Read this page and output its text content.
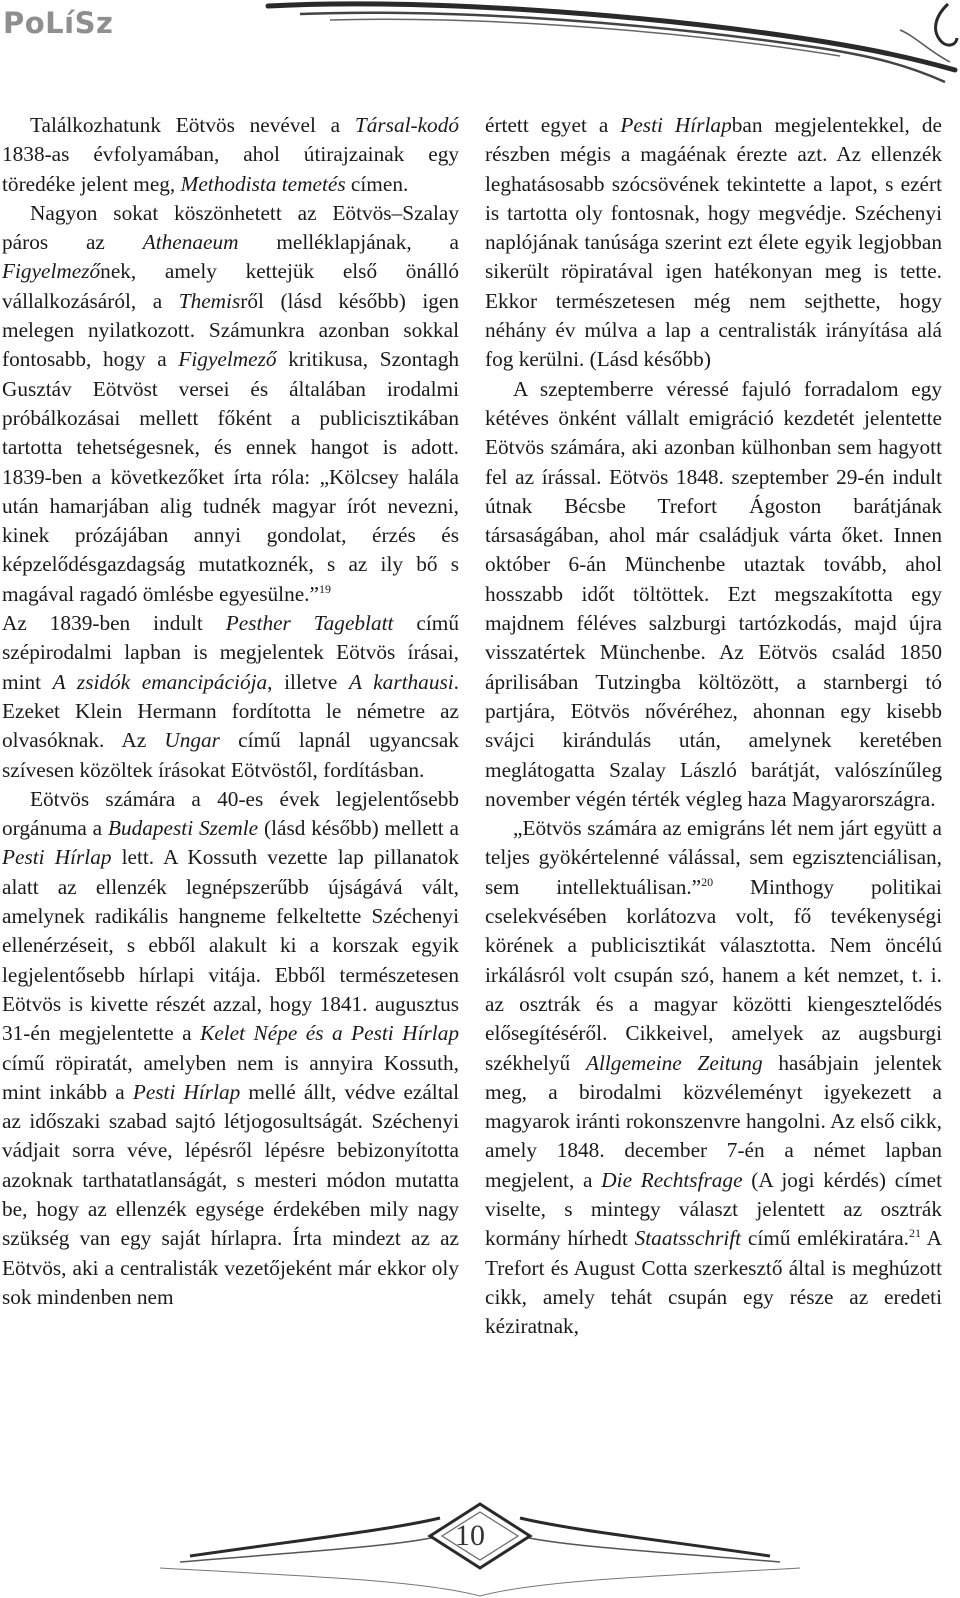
PoLíSz

Találkozhatunk Eötvös nevével a Társal-kodó 1838-as évfolyamában, ahol útirajzainak egy töredéke jelent meg, Methodista temetés címen.

Nagyon sokat köszönhetett az Eötvös–Szalay páros az Athenaeum melléklapjának, a Figyelmezőnek, amely kettejük első önálló vállalkozásáról, a Themisről (lásd később) igen melegen nyilatkozott. Számunkra azonban sokkal fontosabb, hogy a Figyelmező kritikusa, Szontagh Gusztáv Eötvöst versei és általában irodalmi próbálkozásai mellett főként a publicisztikában tartotta tehetségesnek, és ennek hangot is adott. 1839-ben a következőket írta róla: „Kölcsey halála után hamarjában alig tudnék magyar írót nevezni, kinek prózájában annyi gondolat, érzés és képzelődésgazdagság mutatkoznék, s az ily bő s magával ragadó ömlésbe egyesülne.”$^{19}$

Az 1839-ben indult Pesther Tageblatt című szépirodalmi lapban is megjelentek Eötvös írásai, mint A zsidók emancipációja, illetve A karthausi. Ezeket Klein Hermann fordította le németre az olvasóknak. Az Ungar című lapnál ugyancsak szívesen közöltek írásokat Eötvöstől, fordításban.

Eötvös számára a 40-es évek legjelentősebb orgánuma a Budapesti Szemle (lásd később) mellett a Pesti Hírlap lett. A Kossuth vezette lap pillanatok alatt az ellenzék legnépszerűbb újságává vált, amelynek radikális hangneme felkeltette Széchenyi ellenérzéseit, s ebből alakult ki a korszak egyik legjelentősebb hírlapi vitája. Ebből természetesen Eötvös is kivette részét azzal, hogy 1841. augusztus 31-én megjelentette a Kelet Népe és a Pesti Hírlap című röpiratát, amelyben nem is annyira Kossuth, mint inkább a Pesti Hírlap mellé állt, védve ezáltal az időszaki szabad sajtó létjogosultságát. Széchenyi vádjait sorra véve, lépésről lépésre bebizonyította azoknak tarthatatlanságát, s mesteri módon mutatta be, hogy az ellenzék egysége érdekében mily nagy szükség van egy saját hírlapra. Írta mindezt az az Eötvös, aki a centralisták vezetőjeként már ekkor oly sok mindenben nem

értett egyet a Pesti Hírlapban megjelentekkel, de részben mégis a magáénak érezte azt. Az ellenzék leghatásosabb szócsövének tekintette a lapot, s ezért is tartotta oly fontosnak, hogy megvédje. Széchenyi naplójának tanúsága szerint ezt élete egyik legjobban sikerült röpiratával igen hatékonyan meg is tette. Ekkor természetesen még nem sejthette, hogy néhány év múlva a lap a centralisták irányítása alá fog kerülni. (Lásd később)

A szeptemberre véressé fajuló forradalom egy kétéves önként vállalt emigráció kezdetét jelentette Eötvös számára, aki azonban külhonban sem hagyott fel az írással. Eötvös 1848. szeptember 29-én indult útnak Bécsbe Trefort Ágoston barátjának társaságában, ahol már családjuk várta őket. Innen október 6-án Münchenbe utaztak tovább, ahol hosszabb időt töltöttek. Ezt megszakította egy majdnem féléves salzburgi tartózkodás, majd újra visszatértek Münchenbe. Az Eötvös család 1850 áprilisában Tutzingba költözött, a starnbergi tó partjára, Eötvös nővéréhez, ahonnan egy kisebb svájci kirándulás után, amelynek keretében meglátogatta Szalay László barátját, valószínűleg november végén térték végleg haza Magyarországra.

„Eötvös számára az emigráns lét nem járt együtt a teljes gyökértelenné válással, sem egzisztenciálisan, sem intellektuálisan.”$^{20}$ Minthogy politikai cselekvésében korlátozva volt, fő tevékenységi körének a publicisztikát választotta. Nem öncélú irkálásról volt csupán szó, hanem a két nemzet, t. i. az osztrák és a magyar közötti kiengesztelődés elősegítéséről. Cikkeivel, amelyek az augsburgi székhelyű Allgemeine Zeitung hasábjain jelentek meg, a birodalmi közvéleményt igyekezett a magyarok iránti rokonszenvre hangolni. Az első cikk, amely 1848. december 7-én a német lapban megjelent, a Die Rechtsfrage (A jogi kérdés) címet viselte, s mintegy választ jelentett az osztrák kormány hírhedt Staatsschrift című emlékiratára.$^{21}$ A Trefort és August Cotta szerkesztő által is meghúzott cikk, amely tehát csupán egy része az eredeti kéziratnak,

10
